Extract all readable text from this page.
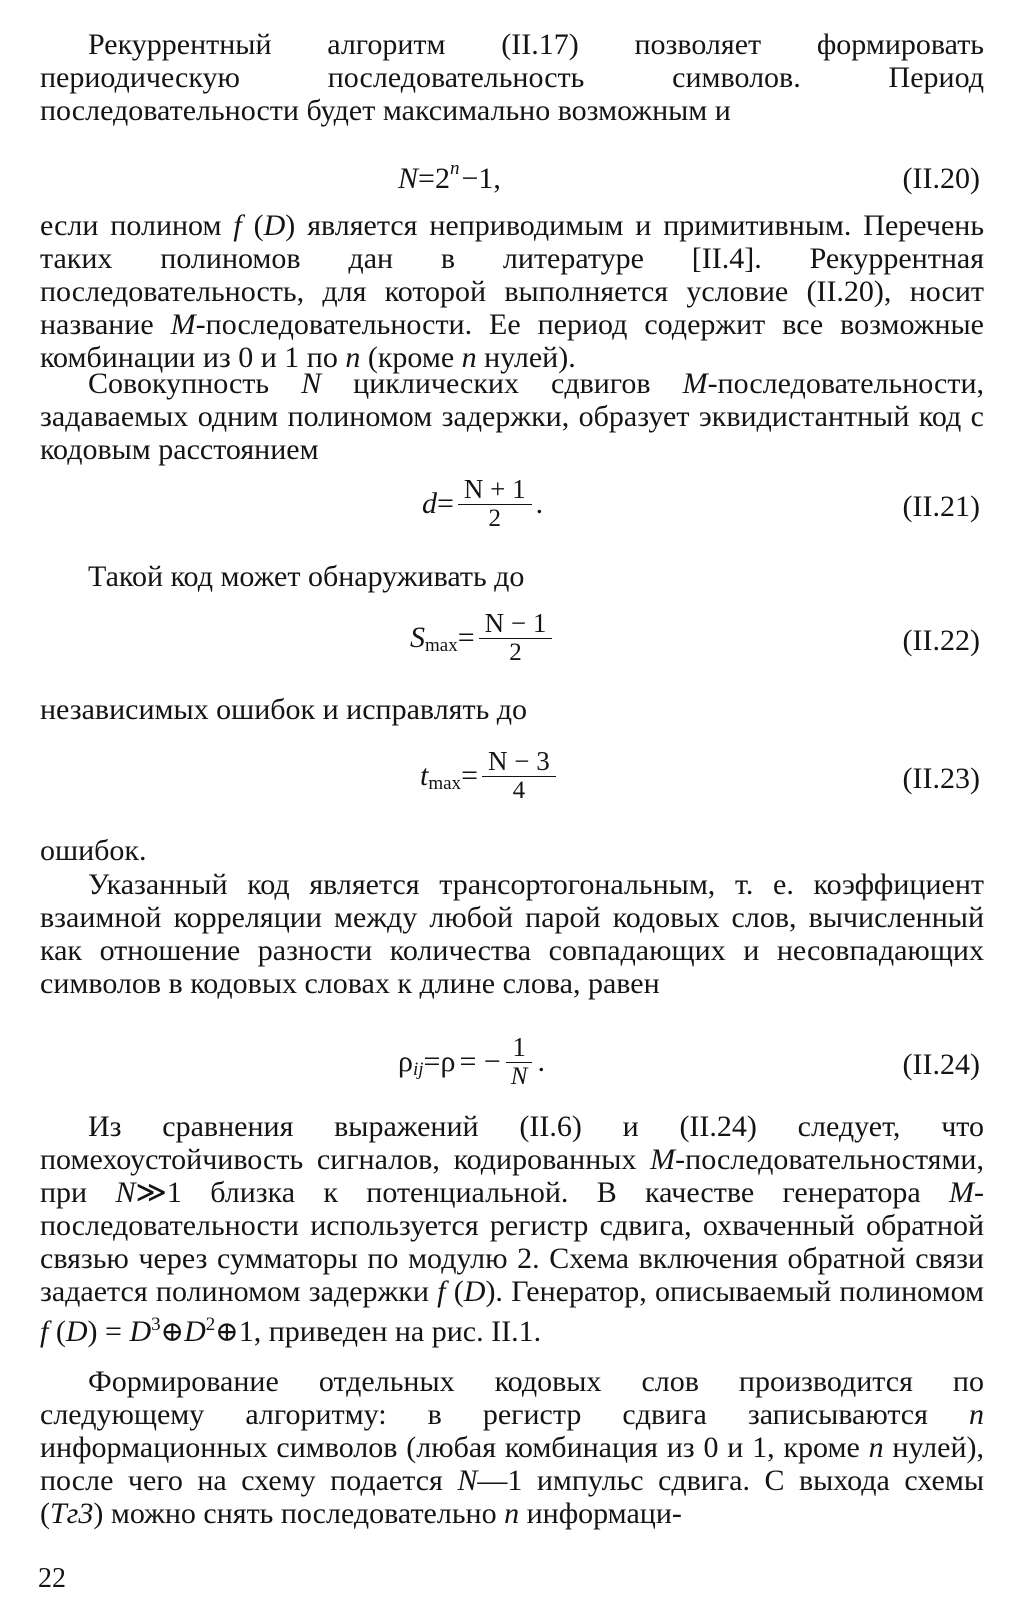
Рекуррентный алгоритм (II.17) позволяет формировать периодическую последовательность символов. Период последовательности будет максимально возможным и

N = 2 $^n$ −1,	(II.20)

если полином f (D) является неприводимым и примитивным. Перечень таких полиномов дан в литературе [II.4]. Рекуррентная последовательность, для которой выполняется условие (II.20), носит название M-последовательности. Ее период содержит все возможные комбинации из 0 и 1 по n (кроме n нулей).

Совокупность N циклических сдвигов M-последовательности, задаваемых одним полиномом задержки, образует эквидистантный код с кодовым расстоянием

$d = \frac{N + 1}{2}$ .	(II.21)

Такой код может обнаруживать до

$S_{max} = \frac{N - 1}{2}$	(II.22)

независимых ошибок и исправлять до

$t_{max} = \frac{N - 3}{4}$	(II.23)

ошибок.

Указанный код является трансортогональным, т. е. коэффициент взаимной корреляции между любой парой кодовых слов, вычисленный как отношение разности количества совпадающих и несовпадающих символов в кодовых словах к длине слова, равен

ρ $_{ij}$ = ρ = − $\frac{1}{N}$ .	(II.24)

Из сравнения выражений (II.6) и (II.24) следует, что помехоустойчивость сигналов, кодированных M-последовательностями, при N≫1 близка к потенциальной. В качестве генератора M-последовательности используется регистр сдвига, охваченный обратной связью через сумматоры по модулю 2. Схема включения обратной связи задается полиномом задержки f (D). Генератор, описываемый полиномом f $(D) = D^3\oplus D^2\oplus 1$, приведен на рис. II.1.

Формирование отдельных кодовых слов производится по следующему алгоритму: в регистр сдвига записываются n информационных символов (любая комбинация из 0 и 1, кроме n нулей), после чего на схему подается N—1 импульс сдвига. С выхода схемы (Tг3) можно снять последовательно n информаци-

22
